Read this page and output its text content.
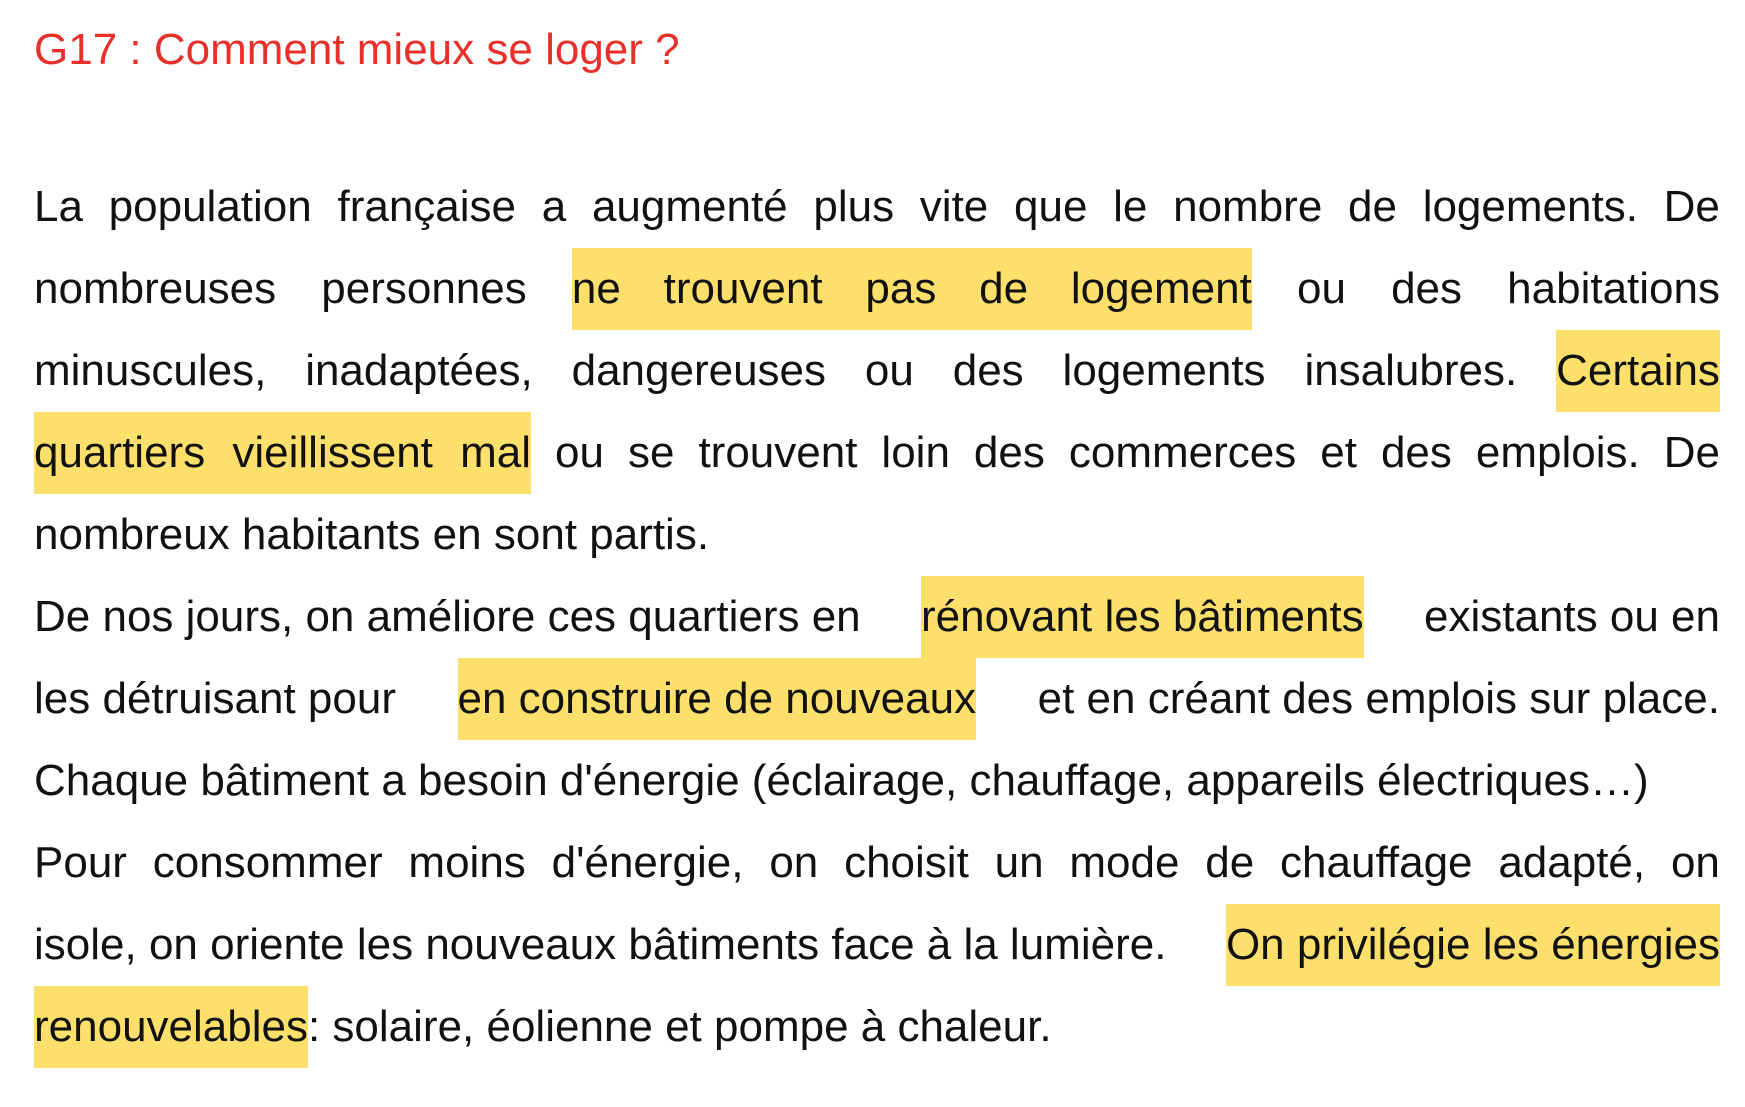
G17 : Comment mieux se loger ?
La population française a augmenté plus vite que le nombre de logements. De
nombreuses personnes ne trouvent pas de logement ou des habitations
minuscules, inadaptées, dangereuses ou des logements insalubres. Certains
quartiers vieillissent mal ou se trouvent loin des commerces et des emplois. De
nombreux habitants en sont partis.
De nos jours, on améliore ces quartiers en rénovant les bâtiments existants ou en
les détruisant pour en construire de nouveaux et en créant des emplois sur place.
Chaque bâtiment a besoin d'énergie (éclairage, chauffage, appareils électriques…)
Pour consommer moins d'énergie, on choisit un mode de chauffage adapté, on
isole, on oriente les nouveaux bâtiments face à la lumière. On privilégie les énergies
renouvelables : solaire, éolienne et pompe à chaleur.
